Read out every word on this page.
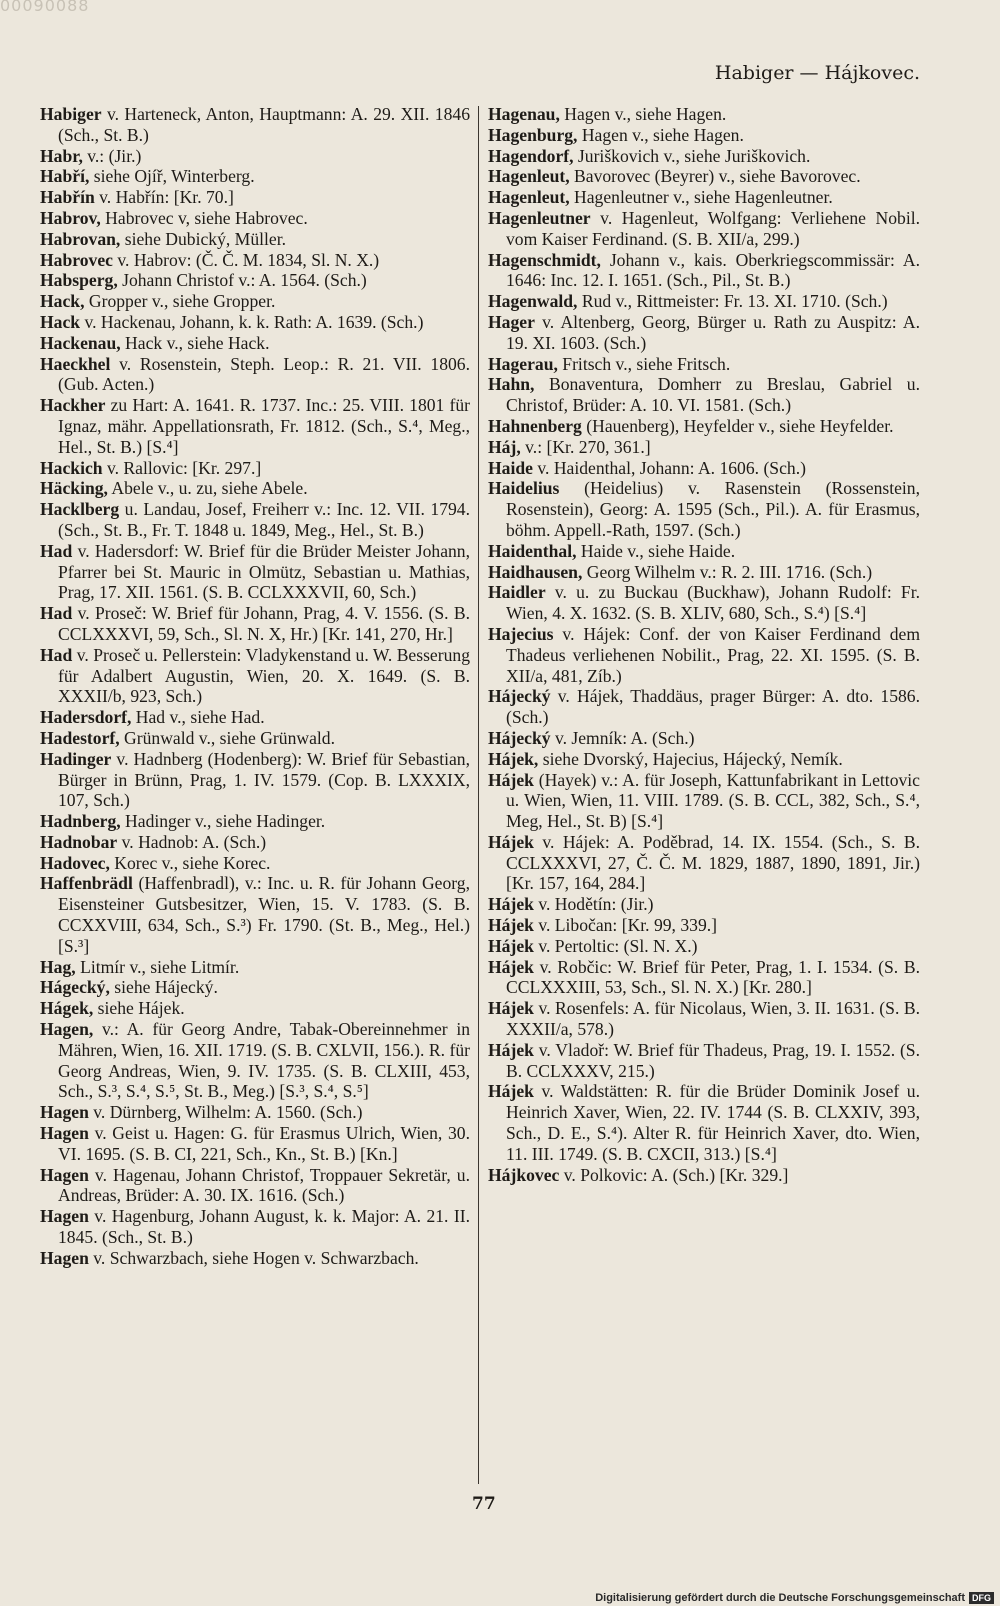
00090088
Habiger — Hájkovec.

Habiger v. Harteneck, Anton, Hauptmann: A. 29. XII. 1846 (Sch., St. B.)

Habr, v.: (Jir.)

Habří, siehe Ojíř, Winterberg.

Habřín v. Habřín: [Kr. 70.]

Habrov, Habrovec v, siehe Habrovec.

Habrovan, siehe Dubický, Müller.

Habrovec v. Habrov: (Č. Č. M. 1834, Sl. N. X.)

Habsperg, Johann Christof v.: A. 1564. (Sch.)

Hack, Gropper v., siehe Gropper.

Hack v. Hackenau, Johann, k. k. Rath: A. 1639. (Sch.)

Hackenau, Hack v., siehe Hack.

Haeckhel v. Rosenstein, Steph. Leop.: R. 21. VII. 1806. (Gub. Acten.)

Hackher zu Hart: A. 1641. R. 1737. Inc.: 25. VIII. 1801 für Ignaz, mähr. Appellationsrath, Fr. 1812. (Sch., S.⁴, Meg., Hel., St. B.) [S.⁴]

Hackich v. Rallovic: [Kr. 297.]

Häcking, Abele v., u. zu, siehe Abele.

Hacklberg u. Landau, Josef, Freiherr v.: Inc. 12. VII. 1794. (Sch., St. B., Fr. T. 1848 u. 1849, Meg., Hel., St. B.)

Had v. Hadersdorf: W. Brief für die Brüder Meister Johann, Pfarrer bei St. Mauric in Olmütz, Sebastian u. Mathias, Prag, 17. XII. 1561. (S. B. CCLXXXVII, 60, Sch.)

Had v. Proseč: W. Brief für Johann, Prag, 4. V. 1556. (S. B. CCLXXXVI, 59, Sch., Sl. N. X, Hr.) [Kr. 141, 270, Hr.]

Had v. Proseč u. Pellerstein: Vladykenstand u. W. Besserung für Adalbert Augustin, Wien, 20. X. 1649. (S. B. XXXII/b, 923, Sch.)

Hadersdorf, Had v., siehe Had.

Hadestorf, Grünwald v., siehe Grünwald.

Hadinger v. Hadnberg (Hodenberg): W. Brief für Sebastian, Bürger in Brünn, Prag, 1. IV. 1579. (Cop. B. LXXXIX, 107, Sch.)

Hadnberg, Hadinger v., siehe Hadinger.

Hadnobar v. Hadnob: A. (Sch.)

Hadovec, Korec v., siehe Korec.

Haffenbrädl (Haffenbradl), v.: Inc. u. R. für Johann Georg, Eisensteiner Gutsbesitzer, Wien, 15. V. 1783. (S. B. CCXXVIII, 634, Sch., S.³) Fr. 1790. (St. B., Meg., Hel.) [S.³]

Hag, Litmír v., siehe Litmír.

Hágecký, siehe Hájecký.

Hágek, siehe Hájek.

Hagen, v.: A. für Georg Andre, Tabak-Obereinnehmer in Mähren, Wien, 16. XII. 1719. (S. B. CXLVII, 156.). R. für Georg Andreas, Wien, 9. IV. 1735. (S. B. CLXIII, 453, Sch., S.³, S.⁴, S.⁵, St. B., Meg.) [S.³, S.⁴, S.⁵]

Hagen v. Dürnberg, Wilhelm: A. 1560. (Sch.)

Hagen v. Geist u. Hagen: G. für Erasmus Ulrich, Wien, 30. VI. 1695. (S. B. CI, 221, Sch., Kn., St. B.) [Kn.]

Hagen v. Hagenau, Johann Christof, Troppauer Sekretär, u. Andreas, Brüder: A. 30. IX. 1616. (Sch.)

Hagen v. Hagenburg, Johann August, k. k. Major: A. 21. II. 1845. (Sch., St. B.)

Hagen v. Schwarzbach, siehe Hogen v. Schwarzbach.

Hagenau, Hagen v., siehe Hagen.

Hagenburg, Hagen v., siehe Hagen.

Hagendorf, Juriškovich v., siehe Juriškovich.

Hagenleut, Bavorovec (Beyrer) v., siehe Bavorovec.

Hagenleut, Hagenleutner v., siehe Hagenleutner.

Hagenleutner v. Hagenleut, Wolfgang: Verliehene Nobil. vom Kaiser Ferdinand. (S. B. XII/a, 299.)

Hagenschmidt, Johann v., kais. Oberkriegscommissär: A. 1646: Inc. 12. I. 1651. (Sch., Pil., St. B.)

Hagenwald, Rud v., Rittmeister: Fr. 13. XI. 1710. (Sch.)

Hager v. Altenberg, Georg, Bürger u. Rath zu Auspitz: A. 19. XI. 1603. (Sch.)

Hagerau, Fritsch v., siehe Fritsch.

Hahn, Bonaventura, Domherr zu Breslau, Gabriel u. Christof, Brüder: A. 10. VI. 1581. (Sch.)

Hahnenberg (Hauenberg), Heyfelder v., siehe Heyfelder.

Háj, v.: [Kr. 270, 361.]

Haide v. Haidenthal, Johann: A. 1606. (Sch.)

Haidelius (Heidelius) v. Rasenstein (Rossenstein, Rosenstein), Georg: A. 1595 (Sch., Pil.). A. für Erasmus, böhm. Appell.-Rath, 1597. (Sch.)

Haidenthal, Haide v., siehe Haide.

Haidhausen, Georg Wilhelm v.: R. 2. III. 1716. (Sch.)

Haidler v. u. zu Buckau (Buckhaw), Johann Rudolf: Fr. Wien, 4. X. 1632. (S. B. XLIV, 680, Sch., S.⁴) [S.⁴]

Hajecius v. Hájek: Conf. der von Kaiser Ferdinand dem Thadeus verliehenen Nobilit., Prag, 22. XI. 1595. (S. B. XII/a, 481, Zíb.)

Hájecký v. Hájek, Thaddäus, prager Bürger: A. dto. 1586. (Sch.)

Hájecký v. Jemník: A. (Sch.)

Hájek, siehe Dvorský, Hajecius, Hájecký, Nemík.

Hájek (Hayek) v.: A. für Joseph, Kattunfabrikant in Lettovic u. Wien, Wien, 11. VIII. 1789. (S. B. CCL, 382, Sch., S.⁴, Meg, Hel., St. B) [S.⁴]

Hájek v. Hájek: A. Poděbrad, 14. IX. 1554. (Sch., S. B. CCLXXXVI, 27, Č. Č. M. 1829, 1887, 1890, 1891, Jir.) [Kr. 157, 164, 284.]

Hájek v. Hodětín: (Jir.)

Hájek v. Libočan: [Kr. 99, 339.]

Hájek v. Pertoltic: (Sl. N. X.)

Hájek v. Robčic: W. Brief für Peter, Prag, 1. I. 1534. (S. B. CCLXXXIII, 53, Sch., Sl. N. X.) [Kr. 280.]

Hájek v. Rosenfels: A. für Nicolaus, Wien, 3. II. 1631. (S. B. XXXII/a, 578.)

Hájek v. Vladoř: W. Brief für Thadeus, Prag, 19. I. 1552. (S. B. CCLXXXV, 215.)

Hájek v. Waldstätten: R. für die Brüder Dominik Josef u. Heinrich Xaver, Wien, 22. IV. 1744 (S. B. CLXXIV, 393, Sch., D. E., S.⁴). Alter R. für Heinrich Xaver, dto. Wien, 11. III. 1749. (S. B. CXCII, 313.) [S.⁴]

Hájkovec v. Polkovic: A. (Sch.) [Kr. 329.]

77
Digitalisierung gefördert durch die Deutsche Forschungsgemeinschaft DFG
